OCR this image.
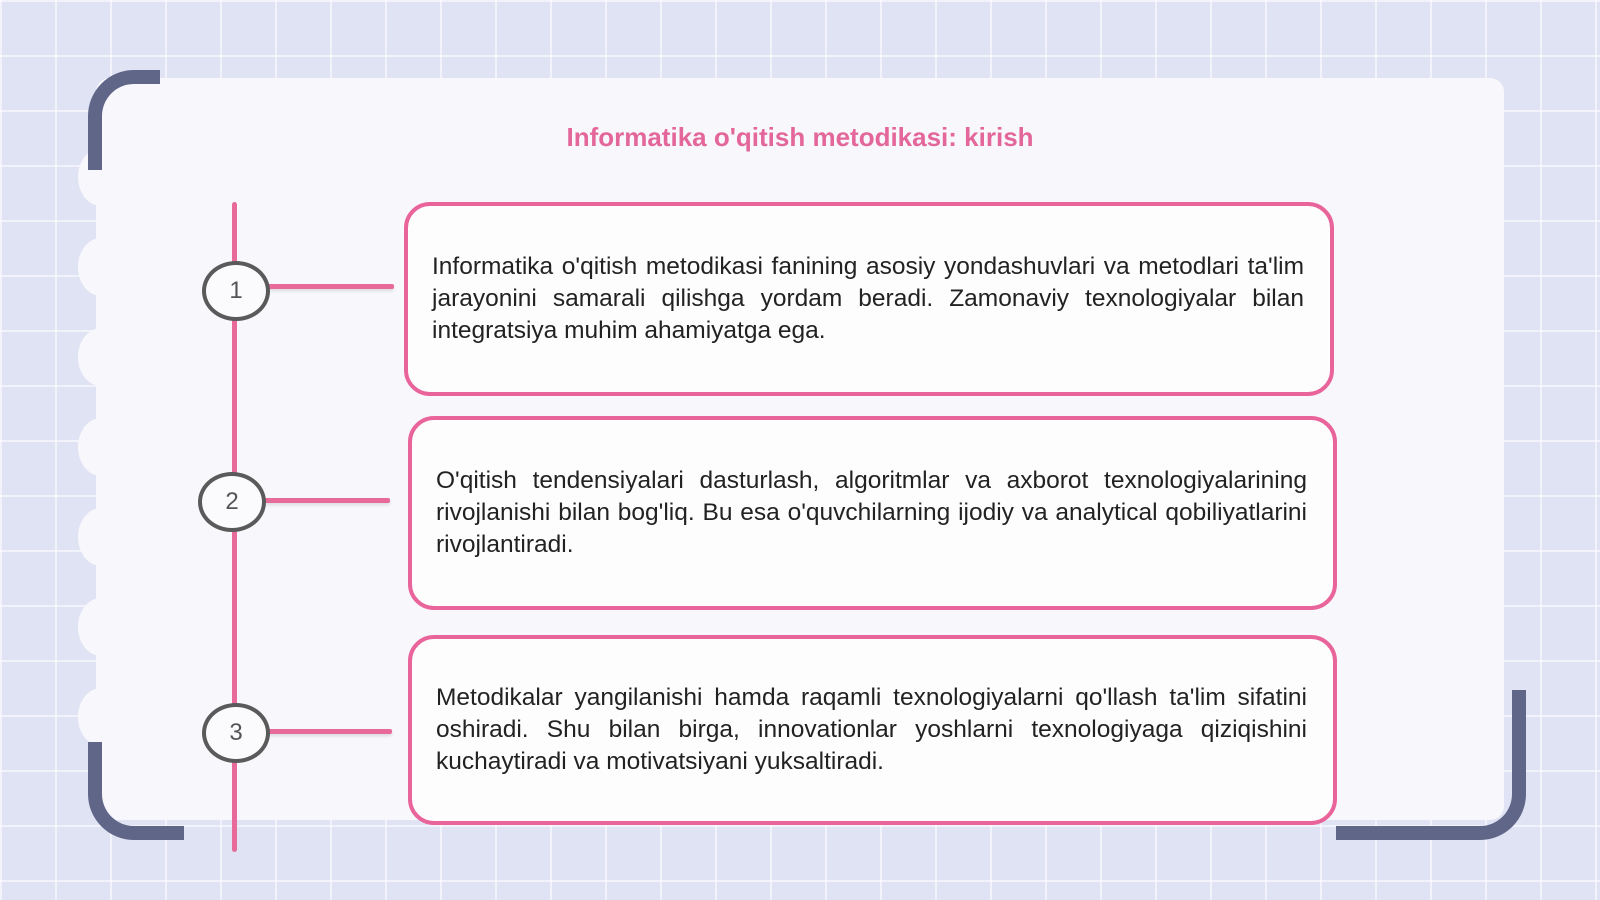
Informatika o'qitish metodikasi: kirish
1
Informatika o'qitish metodikasi fanining asosiy yondashuvlari va metodlari ta'lim jarayonini samarali qilishga yordam beradi. Zamonaviy texnologiyalar bilan integratsiya muhim ahamiyatga ega.
2
O'qitish tendensiyalari dasturlash, algoritmlar va axborot texnologiyalarining rivojlanishi bilan bog'liq. Bu esa o'quvchilarning ijodiy va analytical qobiliyatlarini rivojlantiradi.
3
Metodikalar yangilanishi hamda raqamli texnologiyalarni qo'llash ta'lim sifatini oshiradi. Shu bilan birga, innovationlar yoshlarni texnologiyaga qiziqishini kuchaytiradi va motivatsiyani yuksaltiradi.
